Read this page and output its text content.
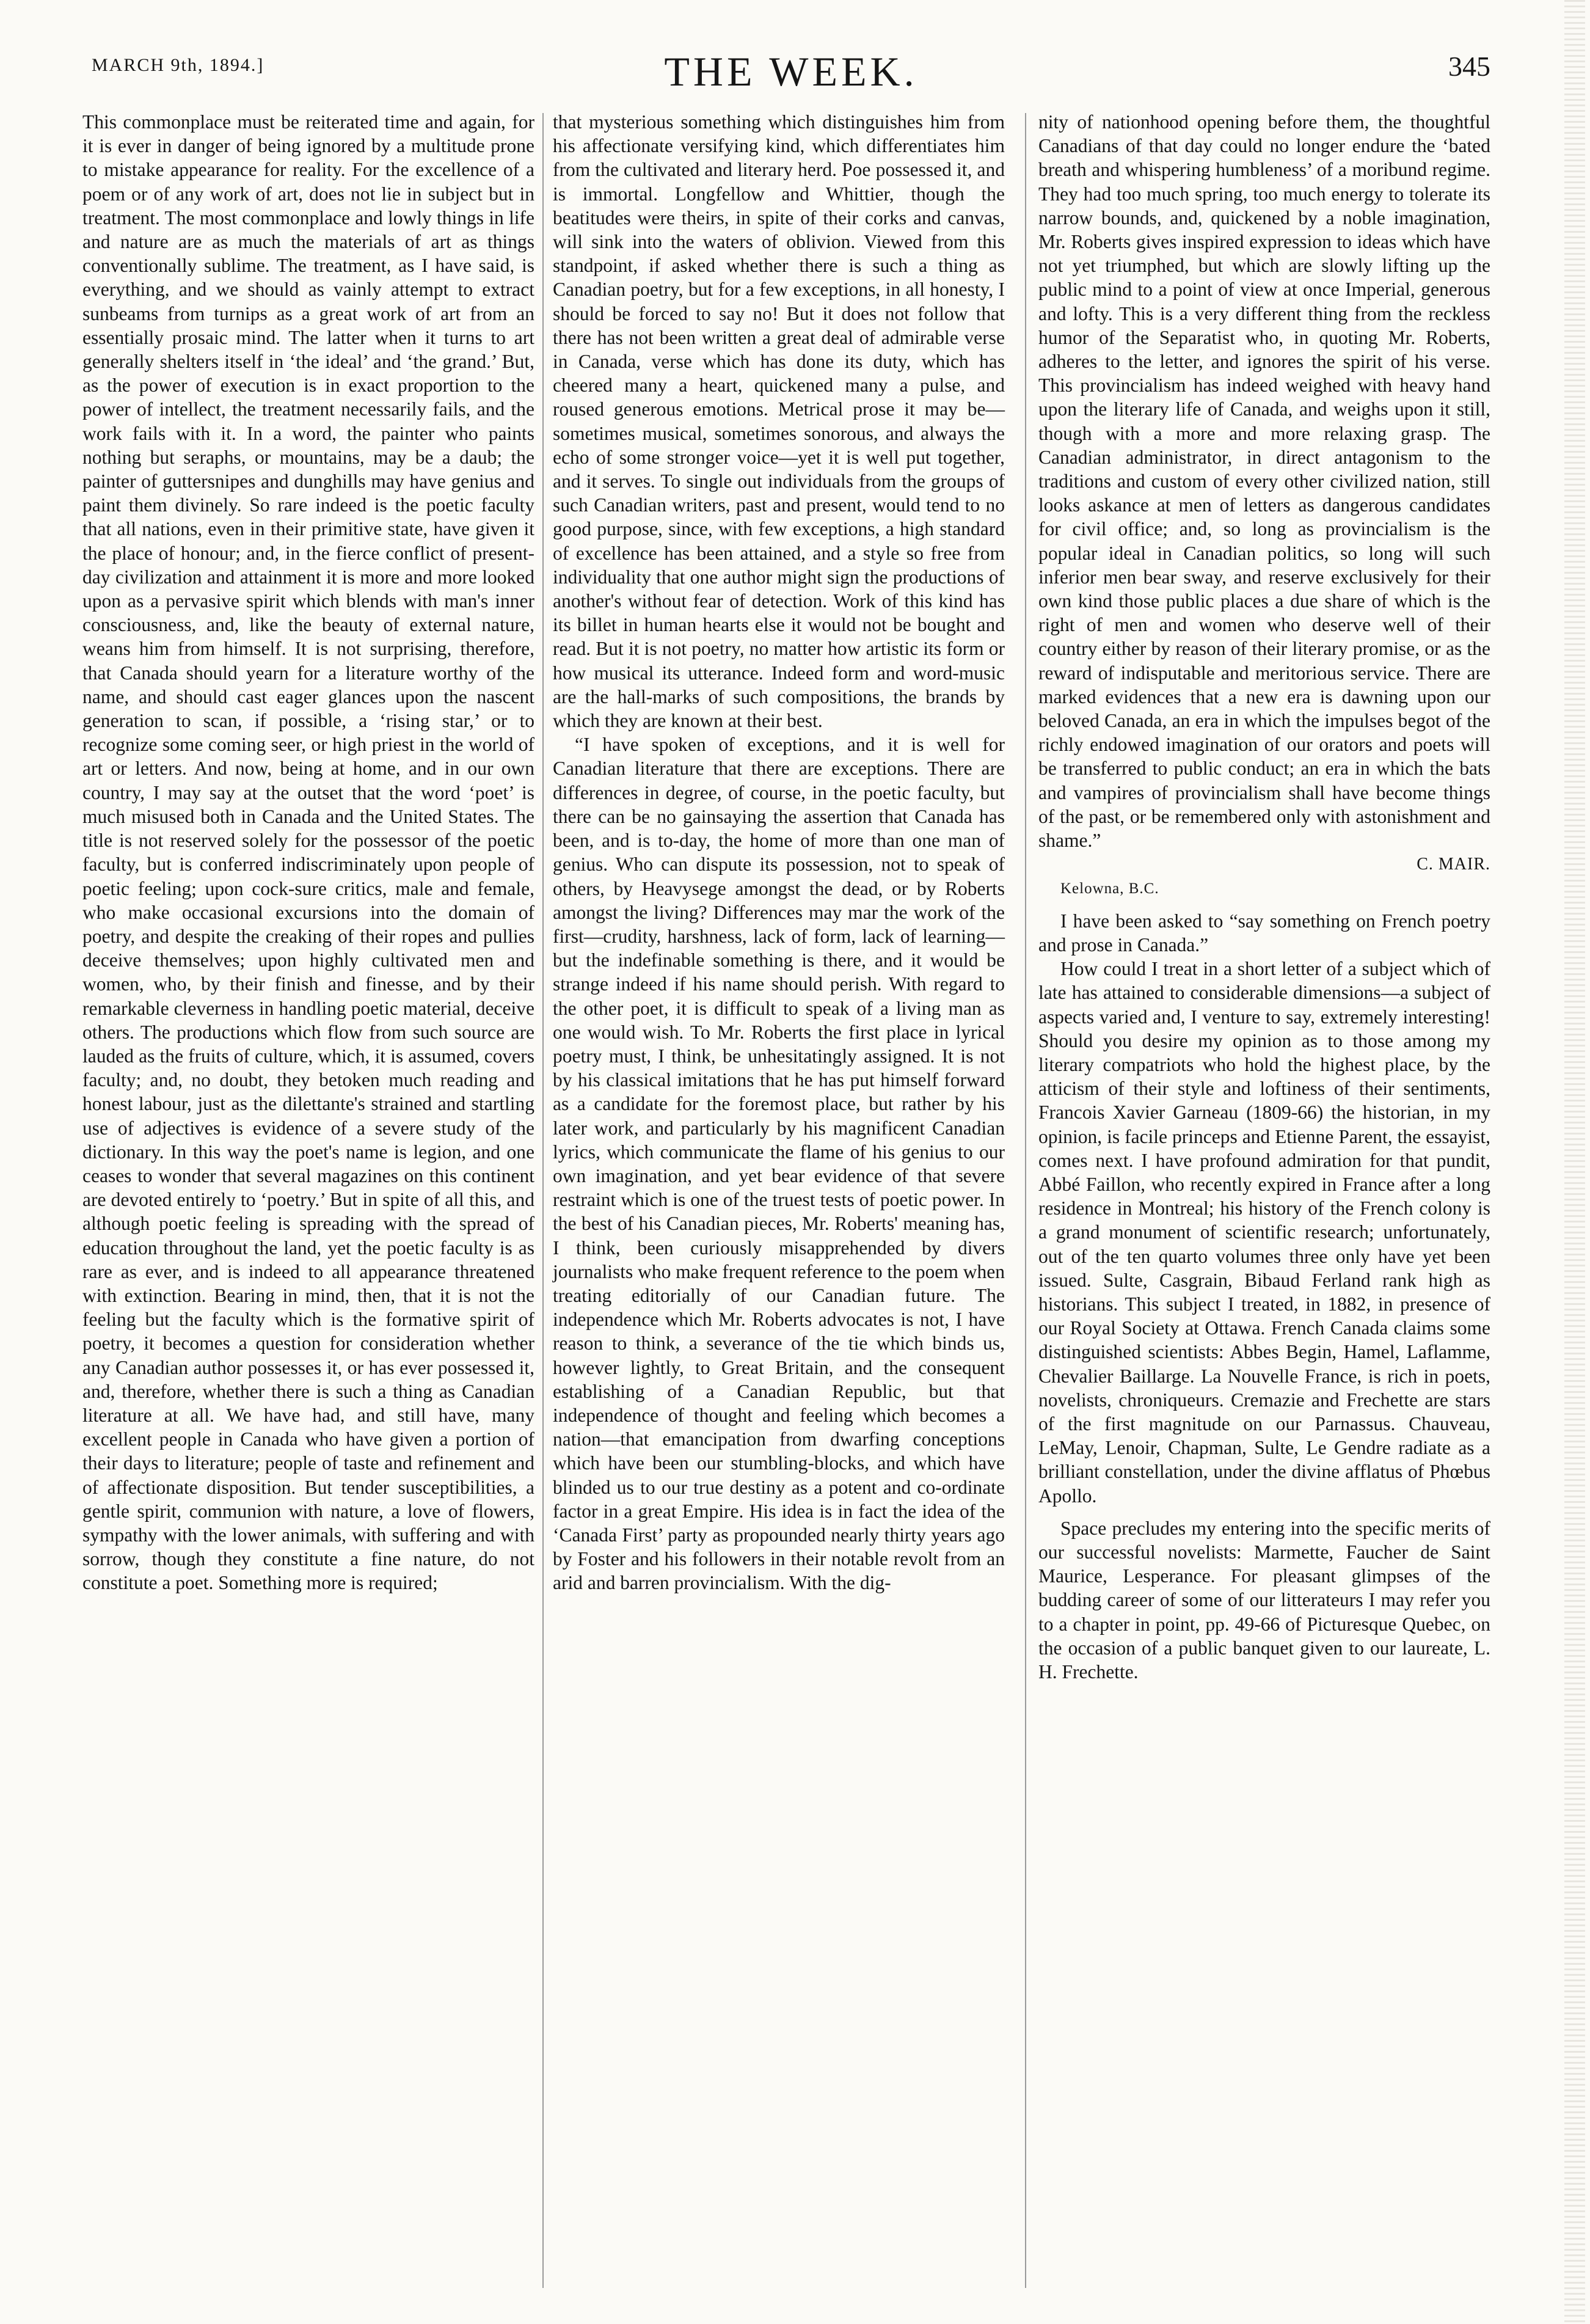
MARCH 9th, 1894.]	THE WEEK.	345

This commonplace must be reiterated time and again, for it is ever in danger of being ignored by a multitude prone to mistake appearance for reality. For the excellence of a poem or of any work of art, does not lie in subject but in treatment. The most commonplace and lowly things in life and nature are as much the materials of art as things conventionally sublime. The treatment, as I have said, is everything, and we should as vainly attempt to extract sunbeams from turnips as a great work of art from an essentially prosaic mind. The latter when it turns to art generally shelters itself in ‘the ideal’ and ‘the grand.’ But, as the power of execution is in exact proportion to the power of intellect, the treatment necessarily fails, and the work fails with it. In a word, the painter who paints nothing but seraphs, or mountains, may be a daub; the painter of guttersnipes and dunghills may have genius and paint them divinely. So rare indeed is the poetic faculty that all nations, even in their primitive state, have given it the place of honour; and, in the fierce conflict of present-day civilization and attainment it is more and more looked upon as a pervasive spirit which blends with man's inner consciousness, and, like the beauty of external nature, weans him from himself. It is not surprising, therefore, that Canada should yearn for a literature worthy of the name, and should cast eager glances upon the nascent generation to scan, if possible, a ‘rising star,’ or to recognize some coming seer, or high priest in the world of art or letters. And now, being at home, and in our own country, I may say at the outset that the word ‘poet’ is much misused both in Canada and the United States. The title is not reserved solely for the possessor of the poetic faculty, but is conferred indiscriminately upon people of poetic feeling; upon cock-sure critics, male and female, who make occasional excursions into the domain of poetry, and despite the creaking of their ropes and pullies deceive themselves; upon highly cultivated men and women, who, by their finish and finesse, and by their remarkable cleverness in handling poetic material, deceive others. The productions which flow from such source are lauded as the fruits of culture, which, it is assumed, covers faculty; and, no doubt, they betoken much reading and honest labour, just as the dilettante's strained and startling use of adjectives is evidence of a severe study of the dictionary. In this way the poet's name is legion, and one ceases to wonder that several magazines on this continent are devoted entirely to ‘poetry.’ But in spite of all this, and although poetic feeling is spreading with the spread of education throughout the land, yet the poetic faculty is as rare as ever, and is indeed to all appearance threatened with extinction. Bearing in mind, then, that it is not the feeling but the faculty which is the formative spirit of poetry, it becomes a question for consideration whether any Canadian author possesses it, or has ever possessed it, and, therefore, whether there is such a thing as Canadian literature at all. We have had, and still have, many excellent people in Canada who have given a portion of their days to literature; people of taste and refinement and of affectionate disposition. But tender susceptibilities, a gentle spirit, communion with nature, a love of flowers, sympathy with the lower animals, with suffering and with sorrow, though they constitute a fine nature, do not constitute a poet. Something more is required;

that mysterious something which distinguishes him from his affectionate versifying kind, which differentiates him from the cultivated and literary herd. Poe possessed it, and is immortal. Longfellow and Whittier, though the beatitudes were theirs, in spite of their corks and canvas, will sink into the waters of oblivion. Viewed from this standpoint, if asked whether there is such a thing as Canadian poetry, but for a few exceptions, in all honesty, I should be forced to say no! But it does not follow that there has not been written a great deal of admirable verse in Canada, verse which has done its duty, which has cheered many a heart, quickened many a pulse, and roused generous emotions. Metrical prose it may be—sometimes musical, sometimes sonorous, and always the echo of some stronger voice—yet it is well put together, and it serves. To single out individuals from the groups of such Canadian writers, past and present, would tend to no good purpose, since, with few exceptions, a high standard of excellence has been attained, and a style so free from individuality that one author might sign the productions of another's without fear of detection. Work of this kind has its billet in human hearts else it would not be bought and read. But it is not poetry, no matter how artistic its form or how musical its utterance. Indeed form and word-music are the hall-marks of such compositions, the brands by which they are known at their best.

“I have spoken of exceptions, and it is well for Canadian literature that there are exceptions. There are differences in degree, of course, in the poetic faculty, but there can be no gainsaying the assertion that Canada has been, and is to-day, the home of more than one man of genius. Who can dispute its possession, not to speak of others, by Heavysege amongst the dead, or by Roberts amongst the living? Differences may mar the work of the first—crudity, harshness, lack of form, lack of learning—but the indefinable something is there, and it would be strange indeed if his name should perish. With regard to the other poet, it is difficult to speak of a living man as one would wish. To Mr. Roberts the first place in lyrical poetry must, I think, be unhesitatingly assigned. It is not by his classical imitations that he has put himself forward as a candidate for the foremost place, but rather by his later work, and particularly by his magnificent Canadian lyrics, which communicate the flame of his genius to our own imagination, and yet bear evidence of that severe restraint which is one of the truest tests of poetic power. In the best of his Canadian pieces, Mr. Roberts' meaning has, I think, been curiously misapprehended by divers journalists who make frequent reference to the poem when treating editorially of our Canadian future. The independence which Mr. Roberts advocates is not, I have reason to think, a severance of the tie which binds us, however lightly, to Great Britain, and the consequent establishing of a Canadian Republic, but that independence of thought and feeling which becomes a nation—that emancipation from dwarfing conceptions which have been our stumbling-blocks, and which have blinded us to our true destiny as a potent and co-ordinate factor in a great Empire. His idea is in fact the idea of the ‘Canada First’ party as propounded nearly thirty years ago by Foster and his followers in their notable revolt from an arid and barren provincialism. With the dig-

nity of nationhood opening before them, the thoughtful Canadians of that day could no longer endure the ‘bated breath and whispering humbleness’ of a moribund regime. They had too much spring, too much energy to tolerate its narrow bounds, and, quickened by a noble imagination, Mr. Roberts gives inspired expression to ideas which have not yet triumphed, but which are slowly lifting up the public mind to a point of view at once Imperial, generous and lofty. This is a very different thing from the reckless humor of the Separatist who, in quoting Mr. Roberts, adheres to the letter, and ignores the spirit of his verse. This provincialism has indeed weighed with heavy hand upon the literary life of Canada, and weighs upon it still, though with a more and more relaxing grasp. The Canadian administrator, in direct antagonism to the traditions and custom of every other civilized nation, still looks askance at men of letters as dangerous candidates for civil office; and, so long as provincialism is the popular ideal in Canadian politics, so long will such inferior men bear sway, and reserve exclusively for their own kind those public places a due share of which is the right of men and women who deserve well of their country either by reason of their literary promise, or as the reward of indisputable and meritorious service. There are marked evidences that a new era is dawning upon our beloved Canada, an era in which the impulses begot of the richly endowed imagination of our orators and poets will be transferred to public conduct; an era in which the bats and vampires of provincialism shall have become things of the past, or be remembered only with astonishment and shame.”

C. MAIR.

Kelowna, B.C.

I have been asked to “say something on French poetry and prose in Canada.”

How could I treat in a short letter of a subject which of late has attained to considerable dimensions—a subject of aspects varied and, I venture to say, extremely interesting! Should you desire my opinion as to those among my literary compatriots who hold the highest place, by the atticism of their style and loftiness of their sentiments, Francois Xavier Garneau (1809-66) the historian, in my opinion, is facile princeps and Etienne Parent, the essayist, comes next. I have profound admiration for that pundit, Abbé Faillon, who recently expired in France after a long residence in Montreal; his history of the French colony is a grand monument of scientific research; unfortunately, out of the ten quarto volumes three only have yet been issued. Sulte, Casgrain, Bibaud Ferland rank high as historians. This subject I treated, in 1882, in presence of our Royal Society at Ottawa. French Canada claims some distinguished scientists: Abbes Begin, Hamel, Laflamme, Chevalier Baillarge. La Nouvelle France, is rich in poets, novelists, chroniqueurs. Cremazie and Frechette are stars of the first magnitude on our Parnassus. Chauveau, LeMay, Lenoir, Chapman, Sulte, Le Gendre radiate as a brilliant constellation, under the divine afflatus of Phœbus Apollo.

Space precludes my entering into the specific merits of our successful novelists: Marmette, Faucher de Saint Maurice, Lesperance. For pleasant glimpses of the budding career of some of our litterateurs I may refer you to a chapter in point, pp. 49-66 of Picturesque Quebec, on the occasion of a public banquet given to our laureate, L. H. Frechette.
